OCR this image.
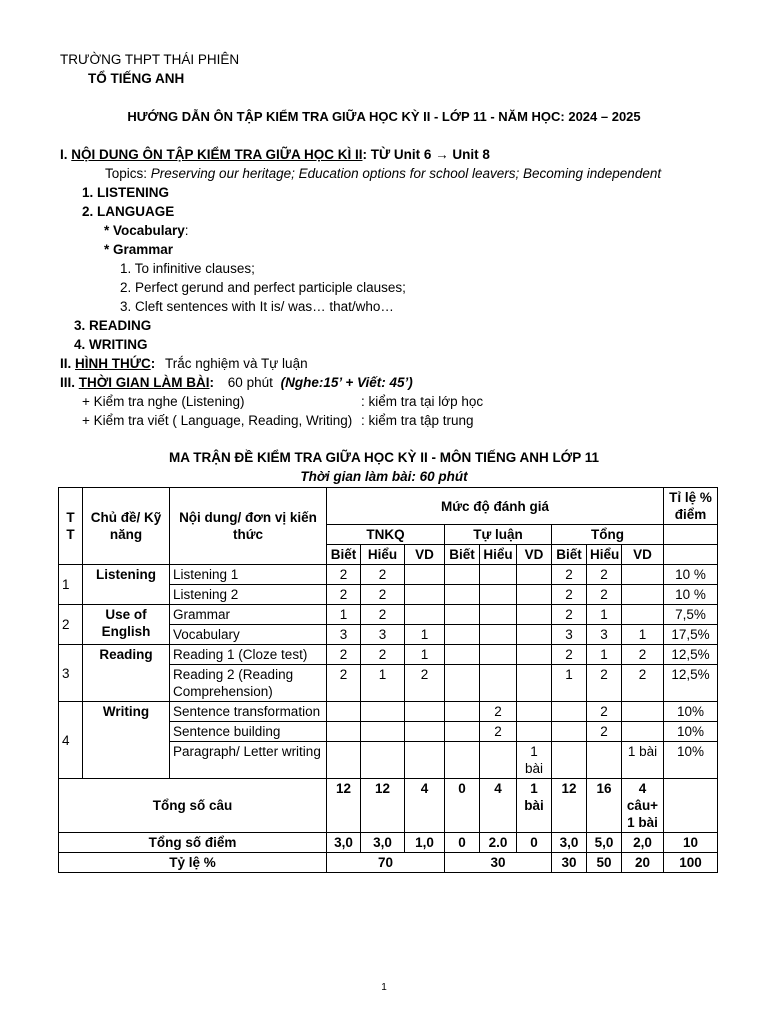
TRƯỜNG THPT THÁI PHIÊN
TỔ TIẾNG ANH
HƯỚNG DẪN ÔN TẬP KIỂM TRA GIỮA HỌC KỲ II - LỚP 11 - NĂM HỌC: 2024 – 2025
I. NỘI DUNG ÔN TẬP KIỂM TRA GIỮA HỌC KÌ II: TỪ Unit 6 → Unit 8
Topics: Preserving our heritage; Education options for school leavers; Becoming independent
1. LISTENING
2. LANGUAGE
* Vocabulary:
* Grammar
1. To infinitive clauses;
2. Perfect gerund and perfect participle clauses;
3. Cleft sentences with It is/ was… that/who…
3. READING
4. WRITING
II. HÌNH THỨC: Trắc nghiệm và Tự luận
III. THỜI GIAN LÀM BÀI: 60 phút (Nghe:15’ + Viết: 45’)
+ Kiểm tra nghe (Listening)	: kiểm tra tại lớp học
+ Kiểm tra viết ( Language, Reading, Writing) : kiểm tra tập trung
MA TRẬN ĐỀ KIỂM TRA GIỮA HỌC KỲ II - MÔN TIẾNG ANH LỚP 11
Thời gian làm bài: 60 phút
T T	Chủ đề/ Kỹ năng	Nội dung/ đơn vị kiến thức	Mức độ đánh giá									Tỉ lệ % điểm
			TNKQ			Tự luận			Tổng			
			Biết	Hiểu	VD	Biết	Hiểu	VD	Biết	Hiểu	VD	
1	Listening	Listening 1	2	2					2	2		10 %
		Listening 2	2	2					2	2		10 %
2	Use of English	Grammar	1	2					2	1		7,5%
		Vocabulary	3	3	1				3	3	1	17,5%
3	Reading	Reading 1 (Cloze test)	2	2	1				2	1	2	12,5%
		Reading 2 (Reading Comprehension)	2	1	2				1	2	2	12,5%
4	Writing	Sentence transformation					2			2		10%
		Sentence building					2			2		10%
		Paragraph/ Letter writing						1 bài			1 bài	10%
Tổng số câu			12	12	4	0	4	1 bài	12	16	4 câu+ 1 bài	
Tổng số điểm			3,0	3,0	1,0	0	2.0	0	3,0	5,0	2,0	10
Tỷ lệ %			70			30			30	50	20	100
1
